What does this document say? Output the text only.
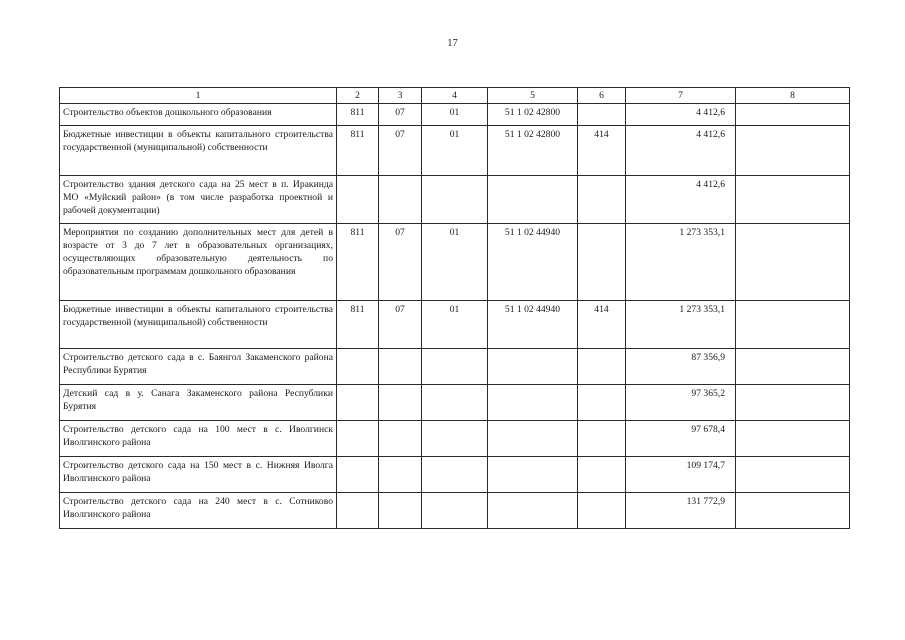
17
1	2	3	4	5	6	7	8
Строительство объектов дошкольного образования	811	07	01	51 1 02 42800		4 412,6	
Бюджетные инвестиции в объекты капитального строительства государственной (муниципальной) собственности	811	07	01	51 1 02 42800	414	4 412,6	
Строительство здания детского сада на 25 мест в п. Иракинда МО «Муйский район» (в том числе разработка проектной и рабочей документации)						4 412,6	
Мероприятия по созданию дополнительных мест для детей в возрасте от 3 до 7 лет в образовательных организациях, осуществляющих образовательную деятельность по образовательным программам дошкольного образования	811	07	01	51 1 02 44940		1 273 353,1	
Бюджетные инвестиции в объекты капитального строительства государственной (муниципальной) собственности	811	07	01	51 1 02 44940	414	1 273 353,1	
Строительство детского сада в с. Баянгол Закаменского района Республики Бурятия						87 356,9	
Детский сад в у. Санага Закаменского района Республики Бурятия						97 365,2	
Строительство детского сада на 100 мест в с. Иволгинск Иволгинского района						97 678,4	
Строительство детского сада на 150 мест в с. Нижняя Иволга Иволгинского района						109 174,7	
Строительство детского сада на 240 мест в с. Сотниково Иволгинского района						131 772,9	
